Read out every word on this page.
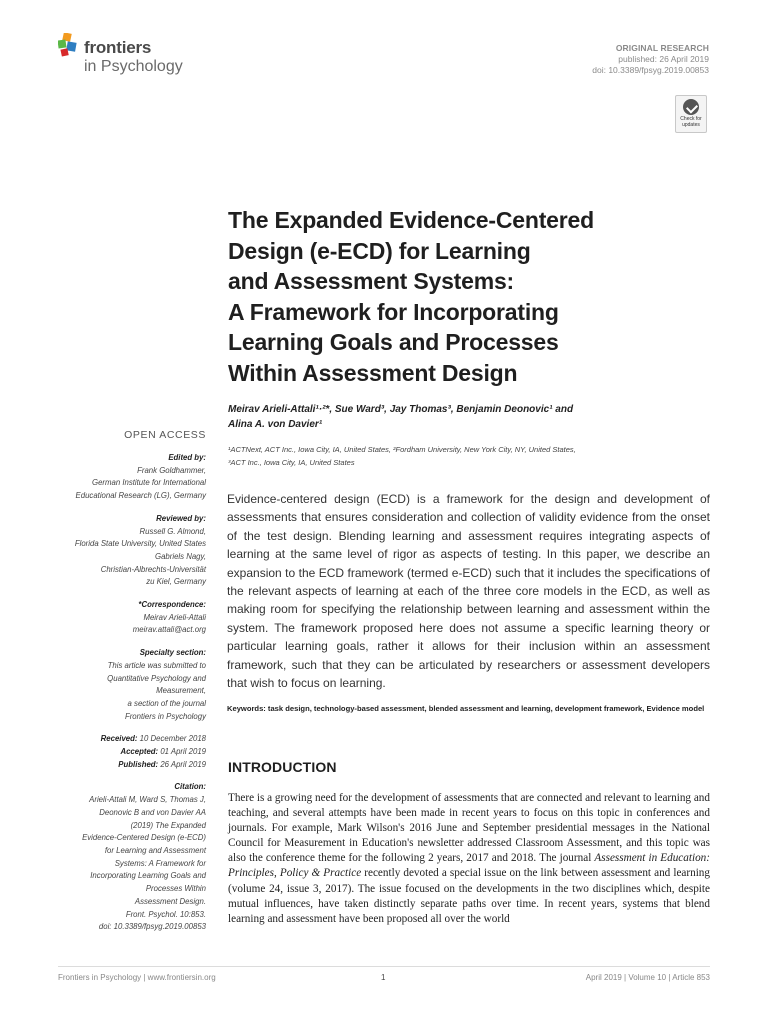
frontiers
in Psychology
ORIGINAL RESEARCH
published: 26 April 2019
doi: 10.3389/fpsyg.2019.00853
Check for
updates
The Expanded Evidence-Centered
Design (e-ECD) for Learning
and Assessment Systems:
A Framework for Incorporating
Learning Goals and Processes
Within Assessment Design
Meirav Arieli-Attali¹·²*, Sue Ward³, Jay Thomas³, Benjamin Deonovic¹ and
Alina A. von Davier¹
¹ACTNext, ACT Inc., Iowa City, IA, United States, ²Fordham University, New York City, NY, United States,
³ACT Inc., Iowa City, IA, United States
OPEN ACCESS
Edited by:
Frank Goldhammer,
German Institute for International
Educational Research (LG), Germany
Reviewed by:
Russell G. Almond,
Florida State University, United States
Gabriels Nagy,
Christian-Albrechts-Universität
zu Kiel, Germany
*Correspondence:
Meirav Arieli-Attali
meirav.attali@act.org
Specialty section:
This article was submitted to
Quantitative Psychology and
Measurement,
a section of the journal
Frontiers in Psychology
Received: 10 December 2018
Accepted: 01 April 2019
Published: 26 April 2019
Citation:
Arieli-Attali M, Ward S, Thomas J,
Deonovic B and von Davier AA
(2019) The Expanded
Evidence-Centered Design (e-ECD)
for Learning and Assessment
Systems: A Framework for
Incorporating Learning Goals and
Processes Within
Assessment Design.
Front. Psychol. 10:853.
doi: 10.3389/fpsyg.2019.00853
Evidence-centered design (ECD) is a framework for the design and development of assessments that ensures consideration and collection of validity evidence from the onset of the test design. Blending learning and assessment requires integrating aspects of learning at the same level of rigor as aspects of testing. In this paper, we describe an expansion to the ECD framework (termed e-ECD) such that it includes the specifications of the relevant aspects of learning at each of the three core models in the ECD, as well as making room for specifying the relationship between learning and assessment within the system. The framework proposed here does not assume a specific learning theory or particular learning goals, rather it allows for their inclusion within an assessment framework, such that they can be articulated by researchers or assessment developers that wish to focus on learning.
Keywords: task design, technology-based assessment, blended assessment and learning, development framework, Evidence model
INTRODUCTION
There is a growing need for the development of assessments that are connected and relevant to learning and teaching, and several attempts have been made in recent years to focus on this topic in conferences and journals. For example, Mark Wilson's 2016 June and September presidential messages in the National Council for Measurement in Education's newsletter addressed Classroom Assessment, and this topic was also the conference theme for the following 2 years, 2017 and 2018. The journal Assessment in Education: Principles, Policy & Practice recently devoted a special issue on the link between assessment and learning (volume 24, issue 3, 2017). The issue focused on the developments in the two disciplines which, despite mutual influences, have taken distinctly separate paths over time. In recent years, systems that blend learning and assessment have been proposed all over the world
Frontiers in Psychology | www.frontiersin.org	1	April 2019 | Volume 10 | Article 853
